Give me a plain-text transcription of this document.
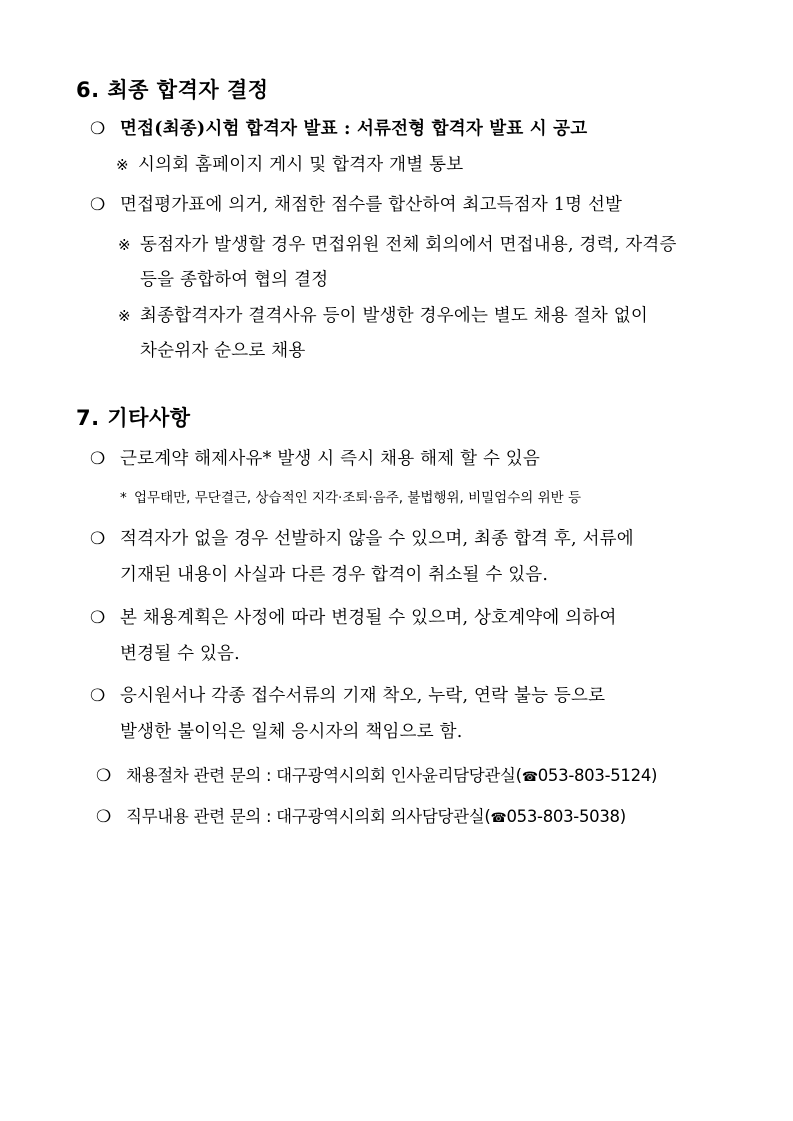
6. 최종 합격자 결정
❍ 면접(최종)시험 합격자 발표 : 서류전형 합격자 발표 시 공고
※ 시의회 홈페이지 게시 및 합격자 개별 통보
❍ 면접평가표에 의거, 채점한 점수를 합산하여 최고득점자 1명 선발
※ 동점자가 발생할 경우 면접위원 전체 회의에서 면접내용, 경력, 자격증
등을 종합하여 협의 결정
※ 최종합격자가 결격사유 등이 발생한 경우에는 별도 채용 절차 없이
차순위자 순으로 채용
7. 기타사항
❍ 근로계약 해제사유* 발생 시 즉시 채용 해제 할 수 있음
* 업무태만, 무단결근, 상습적인 지각·조퇴·음주, 불법행위, 비밀엄수의 위반 등
❍ 적격자가 없을 경우 선발하지 않을 수 있으며, 최종 합격 후, 서류에
기재된 내용이 사실과 다른 경우 합격이 취소될 수 있음.
❍ 본 채용계획은 사정에 따라 변경될 수 있으며, 상호계약에 의하여
변경될 수 있음.
❍ 응시원서나 각종 접수서류의 기재 착오, 누락, 연락 불능 등으로
발생한 불이익은 일체 응시자의 책임으로 함.
❍ 채용절차 관련 문의 : 대구광역시의회 인사윤리담당관실(☎053-803-5124)
❍ 직무내용 관련 문의 : 대구광역시의회 의사담당관실(☎053-803-5038)
